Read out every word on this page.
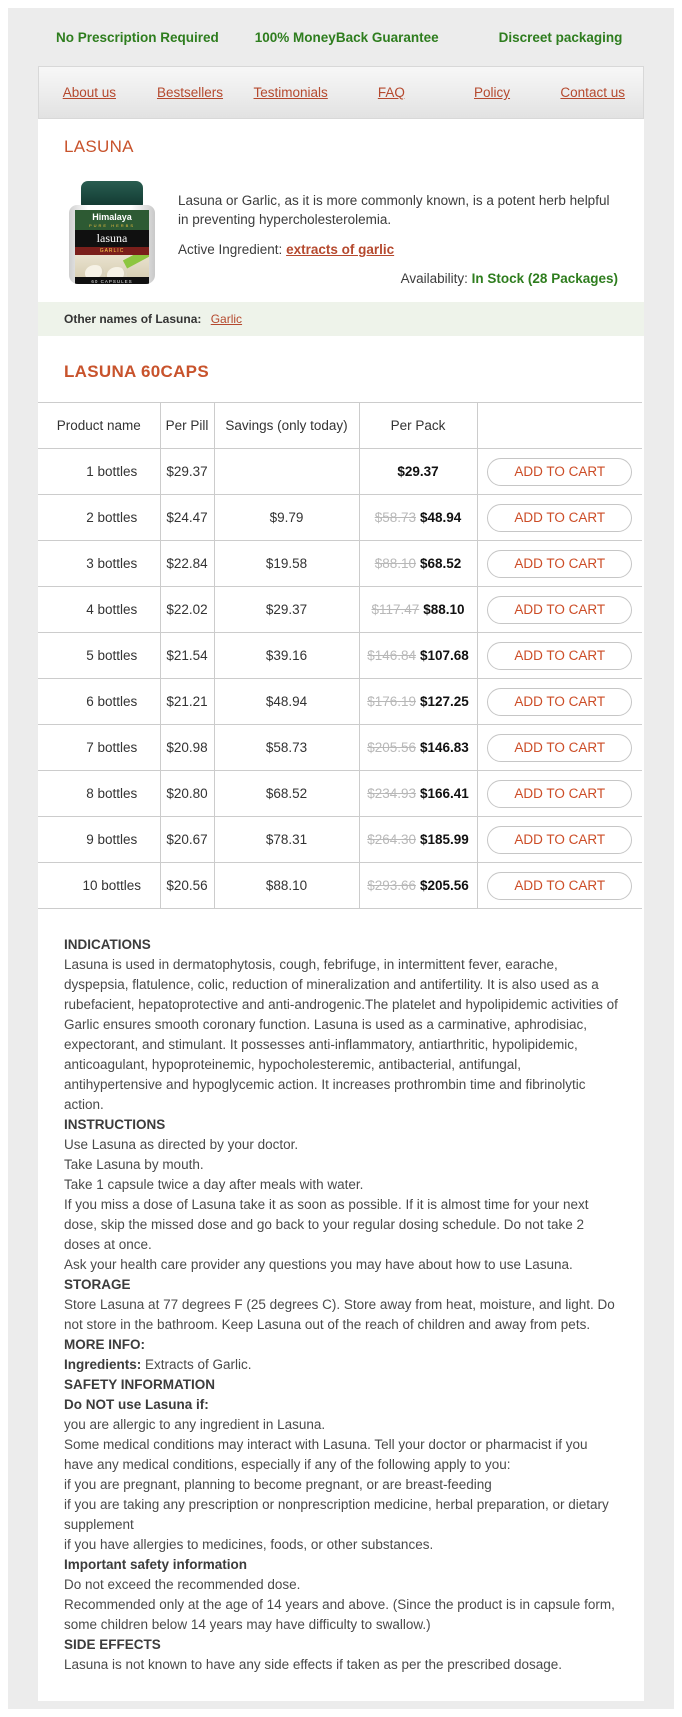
No Prescription Required	100% MoneyBack Guarantee	Discreet packaging
About us	Bestsellers	Testimonials	FAQ	Policy	Contact us
LASUNA
Himalaya
PURE HERBS
lasuna
GARLIC
60 CAPSULES

Lasuna or Garlic, as it is more commonly known, is a potent herb helpful in preventing hypercholesterolemia.

Active Ingredient: extracts of garlic

Availability: In Stock (28 Packages)

Other names of Lasuna: Garlic
LASUNA 60CAPS
Product name	Per Pill	Savings (only today)	Per Pack	
1 bottles	$29.37		$29.37	ADD TO CART
2 bottles	$24.47	$9.79	$58.73 $48.94	ADD TO CART
3 bottles	$22.84	$19.58	$88.10 $68.52	ADD TO CART
4 bottles	$22.02	$29.37	$117.47 $88.10	ADD TO CART
5 bottles	$21.54	$39.16	$146.84 $107.68	ADD TO CART
6 bottles	$21.21	$48.94	$176.19 $127.25	ADD TO CART
7 bottles	$20.98	$58.73	$205.56 $146.83	ADD TO CART
8 bottles	$20.80	$68.52	$234.93 $166.41	ADD TO CART
9 bottles	$20.67	$78.31	$264.30 $185.99	ADD TO CART
10 bottles	$20.56	$88.10	$293.66 $205.56	ADD TO CART

INDICATIONS

Lasuna is used in dermatophytosis, cough, febrifuge, in intermittent fever, earache, dyspepsia, flatulence, colic, reduction of mineralization and antifertility. It is also used as a rubefacient, hepatoprotective and anti-androgenic.The platelet and hypolipidemic activities of Garlic ensures smooth coronary function. Lasuna is used as a carminative, aphrodisiac, expectorant, and stimulant. It possesses anti-inflammatory, antiarthritic, hypolipidemic, anticoagulant, hypoproteinemic, hypocholesteremic, antibacterial, antifungal, antihypertensive and hypoglycemic action. It increases prothrombin time and fibrinolytic action.

INSTRUCTIONS

Use Lasuna as directed by your doctor.

Take Lasuna by mouth.

Take 1 capsule twice a day after meals with water.

If you miss a dose of Lasuna take it as soon as possible. If it is almost time for your next dose, skip the missed dose and go back to your regular dosing schedule. Do not take 2 doses at once.

Ask your health care provider any questions you may have about how to use Lasuna.

STORAGE

Store Lasuna at 77 degrees F (25 degrees C). Store away from heat, moisture, and light. Do not store in the bathroom. Keep Lasuna out of the reach of children and away from pets.

MORE INFO:

Ingredients: Extracts of Garlic.

SAFETY INFORMATION

Do NOT use Lasuna if:

you are allergic to any ingredient in Lasuna.

Some medical conditions may interact with Lasuna. Tell your doctor or pharmacist if you have any medical conditions, especially if any of the following apply to you:

if you are pregnant, planning to become pregnant, or are breast-feeding

if you are taking any prescription or nonprescription medicine, herbal preparation, or dietary supplement

if you have allergies to medicines, foods, or other substances.

Important safety information

Do not exceed the recommended dose.

Recommended only at the age of 14 years and above. (Since the product is in capsule form, some children below 14 years may have difficulty to swallow.)

SIDE EFFECTS

Lasuna is not known to have any side effects if taken as per the prescribed dosage.
